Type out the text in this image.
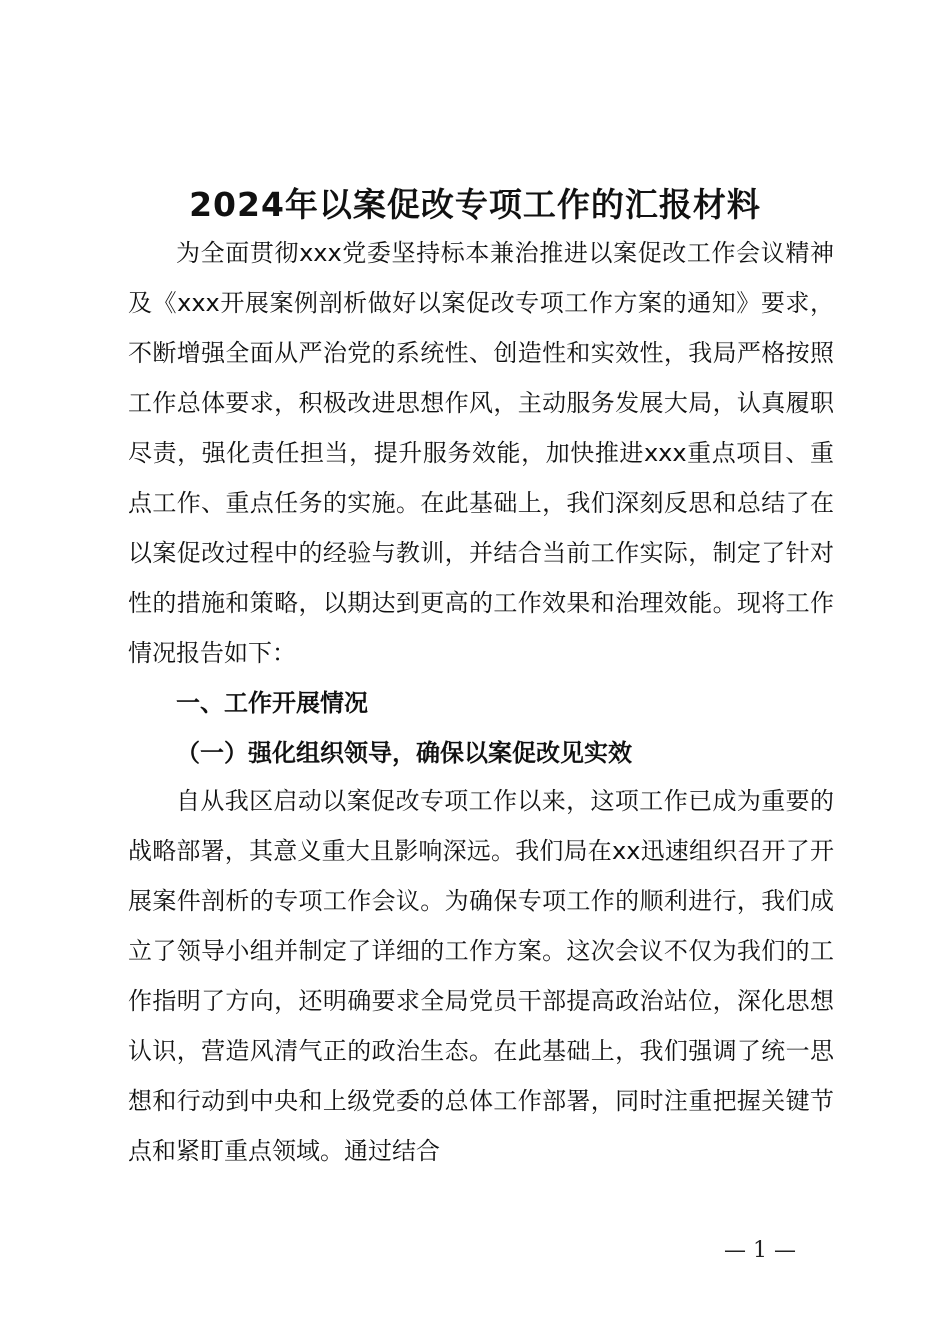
2024年以案促改专项工作的汇报材料

为全面贯彻xxx党委坚持标本兼治推进以案促改工作会议精神及《xxx开展案例剖析做好以案促改专项工作方案的通知》要求，不断增强全面从严治党的系统性、创造性和实效性，我局严格按照工作总体要求，积极改进思想作风，主动服务发展大局，认真履职尽责，强化责任担当，提升服务效能，加快推进xxx重点项目、重点工作、重点任务的实施。在此基础上，我们深刻反思和总结了在以案促改过程中的经验与教训，并结合当前工作实际，制定了针对性的措施和策略，以期达到更高的工作效果和治理效能。现将工作情况报告如下：

一、工作开展情况
（一）强化组织领导，确保以案促改见实效

自从我区启动以案促改专项工作以来，这项工作已成为重要的战略部署，其意义重大且影响深远。我们局在xx迅速组织召开了开展案件剖析的专项工作会议。为确保专项工作的顺利进行，我们成立了领导小组并制定了详细的工作方案。这次会议不仅为我们的工作指明了方向，还明确要求全局党员干部提高政治站位，深化思想认识，营造风清气正的政治生态。在此基础上，我们强调了统一思想和行动到中央和上级党委的总体工作部署，同时注重把握关键节点和紧盯重点领域。通过结合

— 1 —
